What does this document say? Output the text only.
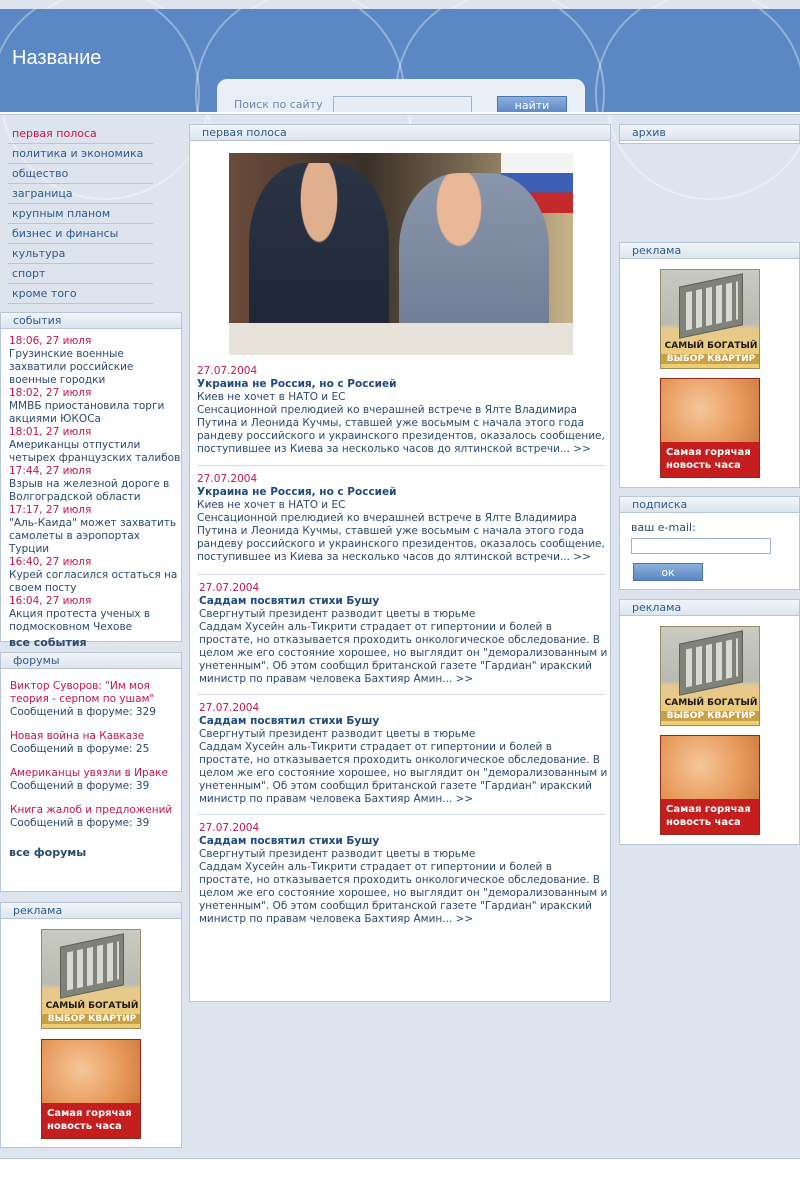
Название
Поиск по сайту	найти
первая полоса
политика и экономика
общество
заграница
крупным планом
бизнес и финансы
культура
спорт
кроме того
события
18:06, 27 июля
Грузинские военные захватили российские военные городки
18:02, 27 июля
ММВБ приостановила торги акциями ЮКОСа
18:01, 27 июля
Американцы отпустили четырех французских талибов
17:44, 27 июля
Взрыв на железной дороге в Волгоградской области
17:17, 27 июля
"Аль-Каида" может захватить самолеты в аэропортах Турции
16:40, 27 июля
Курей согласился остаться на своем посту
16:04, 27 июля
Акция протеста ученых в подмосковном Чехове
все события
форумы
Виктор Суворов: "Им моя теория - серпом по ушам"
Сообщений в форуме: 329
Новая война на Кавказе
Сообщений в форуме: 25
Американцы увязли в Ираке
Сообщений в форуме: 39
Книга жалоб и предложений
Сообщений в форуме: 39
все форумы
реклама
САМЫЙ БОГАТЫЙ
ВЫБОР КВАРТИР
Самая горячая
новость часа
первая полоса
27.07.2004
Украина не Россия, но с Россией
Киев не хочет в НАТО и ЕС
Сенсационной прелюдией ко вчерашней встрече в Ялте Владимира Путина и Леонида Кучмы, ставшей уже восьмым с начала этого года рандеву российского и украинского президентов, оказалось сообщение, поступившее из Киева за несколько часов до ялтинской встречи... >>
27.07.2004
Украина не Россия, но с Россией
Киев не хочет в НАТО и ЕС
Сенсационной прелюдией ко вчерашней встрече в Ялте Владимира Путина и Леонида Кучмы, ставшей уже восьмым с начала этого года рандеву российского и украинского президентов, оказалось сообщение, поступившее из Киева за несколько часов до ялтинской встречи... >>
27.07.2004
Саддам посвятил стихи Бушу
Свергнутый президент разводит цветы в тюрьме
Саддам Хусейн аль-Тикрити страдает от гипертонии и болей в простате, но отказывается проходить онкологическое обследование. В целом же его состояние хорошее, но выглядит он "деморализованным и унетенным". Об этом сообщил британской газете "Гардиан" иракский министр по правам человека Бахтияр Амин... >>
27.07.2004
Саддам посвятил стихи Бушу
Свергнутый президент разводит цветы в тюрьме
Саддам Хусейн аль-Тикрити страдает от гипертонии и болей в простате, но отказывается проходить онкологическое обследование. В целом же его состояние хорошее, но выглядит он "деморализованным и унетенным". Об этом сообщил британской газете "Гардиан" иракский министр по правам человека Бахтияр Амин... >>
27.07.2004
Саддам посвятил стихи Бушу
Свергнутый президент разводит цветы в тюрьме
Саддам Хусейн аль-Тикрити страдает от гипертонии и болей в простате, но отказывается проходить онкологическое обследование. В целом же его состояние хорошее, но выглядит он "деморализованным и унетенным". Об этом сообщил британской газете "Гардиан" иракский министр по правам человека Бахтияр Амин... >>
архив
реклама
САМЫЙ БОГАТЫЙ
ВЫБОР КВАРТИР
Самая горячая
новость часа
подписка
ваш e-mail:
ок
реклама
САМЫЙ БОГАТЫЙ
ВЫБОР КВАРТИР
Самая горячая
новость часа
